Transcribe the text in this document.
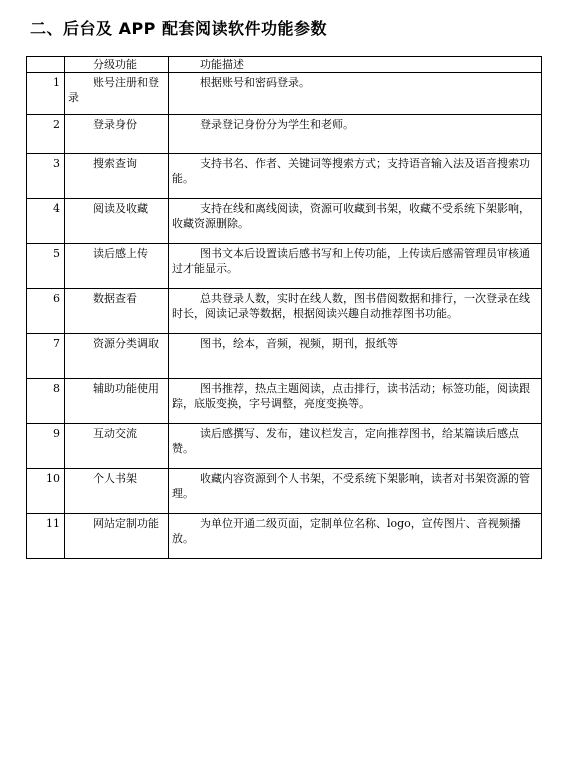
二、后台及 APP 配套阅读软件功能参数
	分级功能	功能描述
1	账号注册和登录	根据账号和密码登录。
2	登录身份	登录登记身份分为学生和老师。
3	搜索查询	支持书名、作者、关键词等搜索方式；支持语音输入法及语音搜索功能。
4	阅读及收藏	支持在线和离线阅读，资源可收藏到书架，收藏不受系统下架影响，收藏资源删除。
5	读后感上传	图书文本后设置读后感书写和上传功能，上传读后感需管理员审核通过才能显示。
6	数据查看	总共登录人数，实时在线人数，图书借阅数据和排行，一次登录在线时长，阅读记录等数据，根据阅读兴趣自动推荐图书功能。
7	资源分类调取	图书，绘本，音频，视频，期刊，报纸等
8	辅助功能使用	图书推荐，热点主题阅读，点击排行，读书活动；标签功能，阅读跟踪，底版变换，字号调整，亮度变换等。
9	互动交流	读后感撰写、发布，建议栏发言，定向推荐图书，给某篇读后感点赞。
10	个人书架	收藏内容资源到个人书架，不受系统下架影响，读者对书架资源的管理。
11	网站定制功能	为单位开通二级页面，定制单位名称、logo，宣传图片、音视频播放。
